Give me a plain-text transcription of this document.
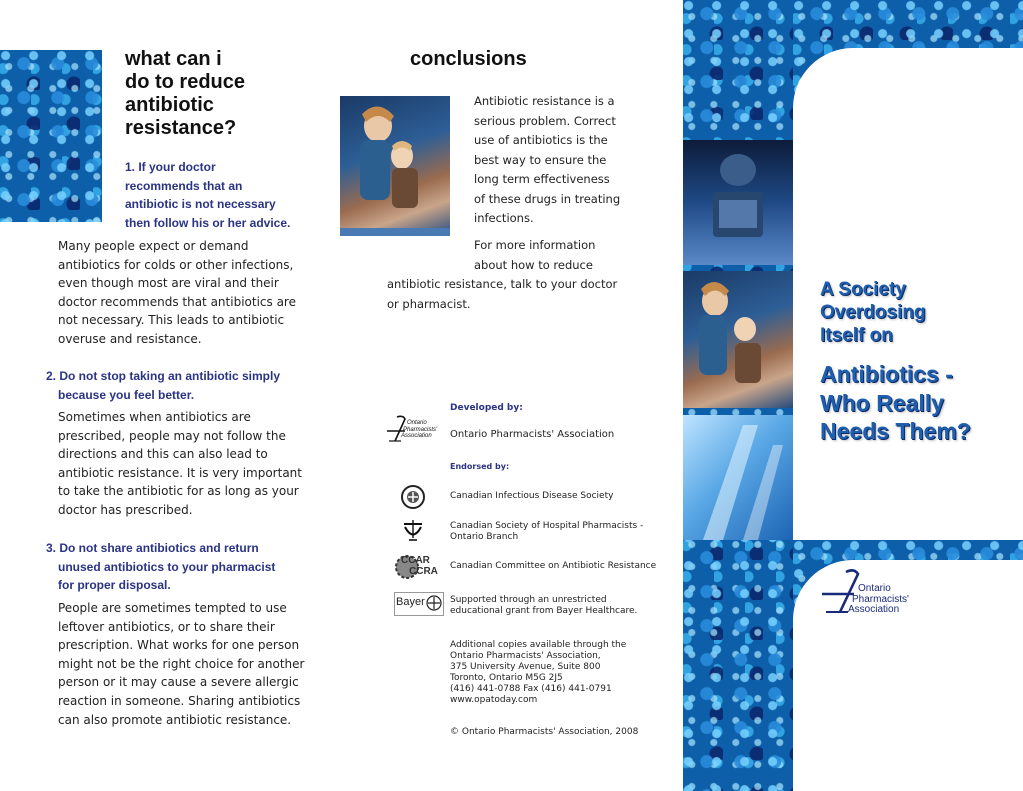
what can i
do to reduce
antibiotic
resistance?
1. If your doctor
recommends that an
antibiotic is not necessary
then follow his or her advice.
Many people expect or demand
antibiotics for colds or other infections,
even though most are viral and their
doctor recommends that antibiotics are
not necessary. This leads to antibiotic
overuse and resistance.
2. Do not stop taking an antibiotic simply
because you feel better.
Sometimes when antibiotics are
prescribed, people may not follow the
directions and this can also lead to
antibiotic resistance. It is very important
to take the antibiotic for as long as your
doctor has prescribed.
3. Do not share antibiotics and return
unused antibiotics to your pharmacist
for proper disposal.
People are sometimes tempted to use
leftover antibiotics, or to share their
prescription. What works for one person
might not be the right choice for another
person or it may cause a severe allergic
reaction in someone. Sharing antibiotics
can also promote antibiotic resistance.
conclusions
Antibiotic resistance is a
serious problem. Correct
use of antibiotics is the
best way to ensure the
long term effectiveness
of these drugs in treating
infections.
For more information
about how to reduce
antibiotic resistance, talk to your doctor
or pharmacist.
Developed by:
Ontario
Pharmacists'
Association	Ontario Pharmacists' Association
Endorsed by:
Canadian Infectious Disease Society
Canadian Society of Hospital Pharmacists -
Ontario Branch
CCAR
CCRA Canadian Committee on Antibiotic Resistance
Bayer	Supported through an unrestricted
educational grant from Bayer Healthcare.
Additional copies available through the
Ontario Pharmacists' Association,
375 University Avenue, Suite 800
Toronto, Ontario M5G 2J5
(416) 441-0788 Fax (416) 441-0791
www.opatoday.com
© Ontario Pharmacists' Association, 2008
A Society
Overdosing
Itself on
Antibiotics -
Who Really
Needs Them?
Ontario
Pharmacists'
Association
